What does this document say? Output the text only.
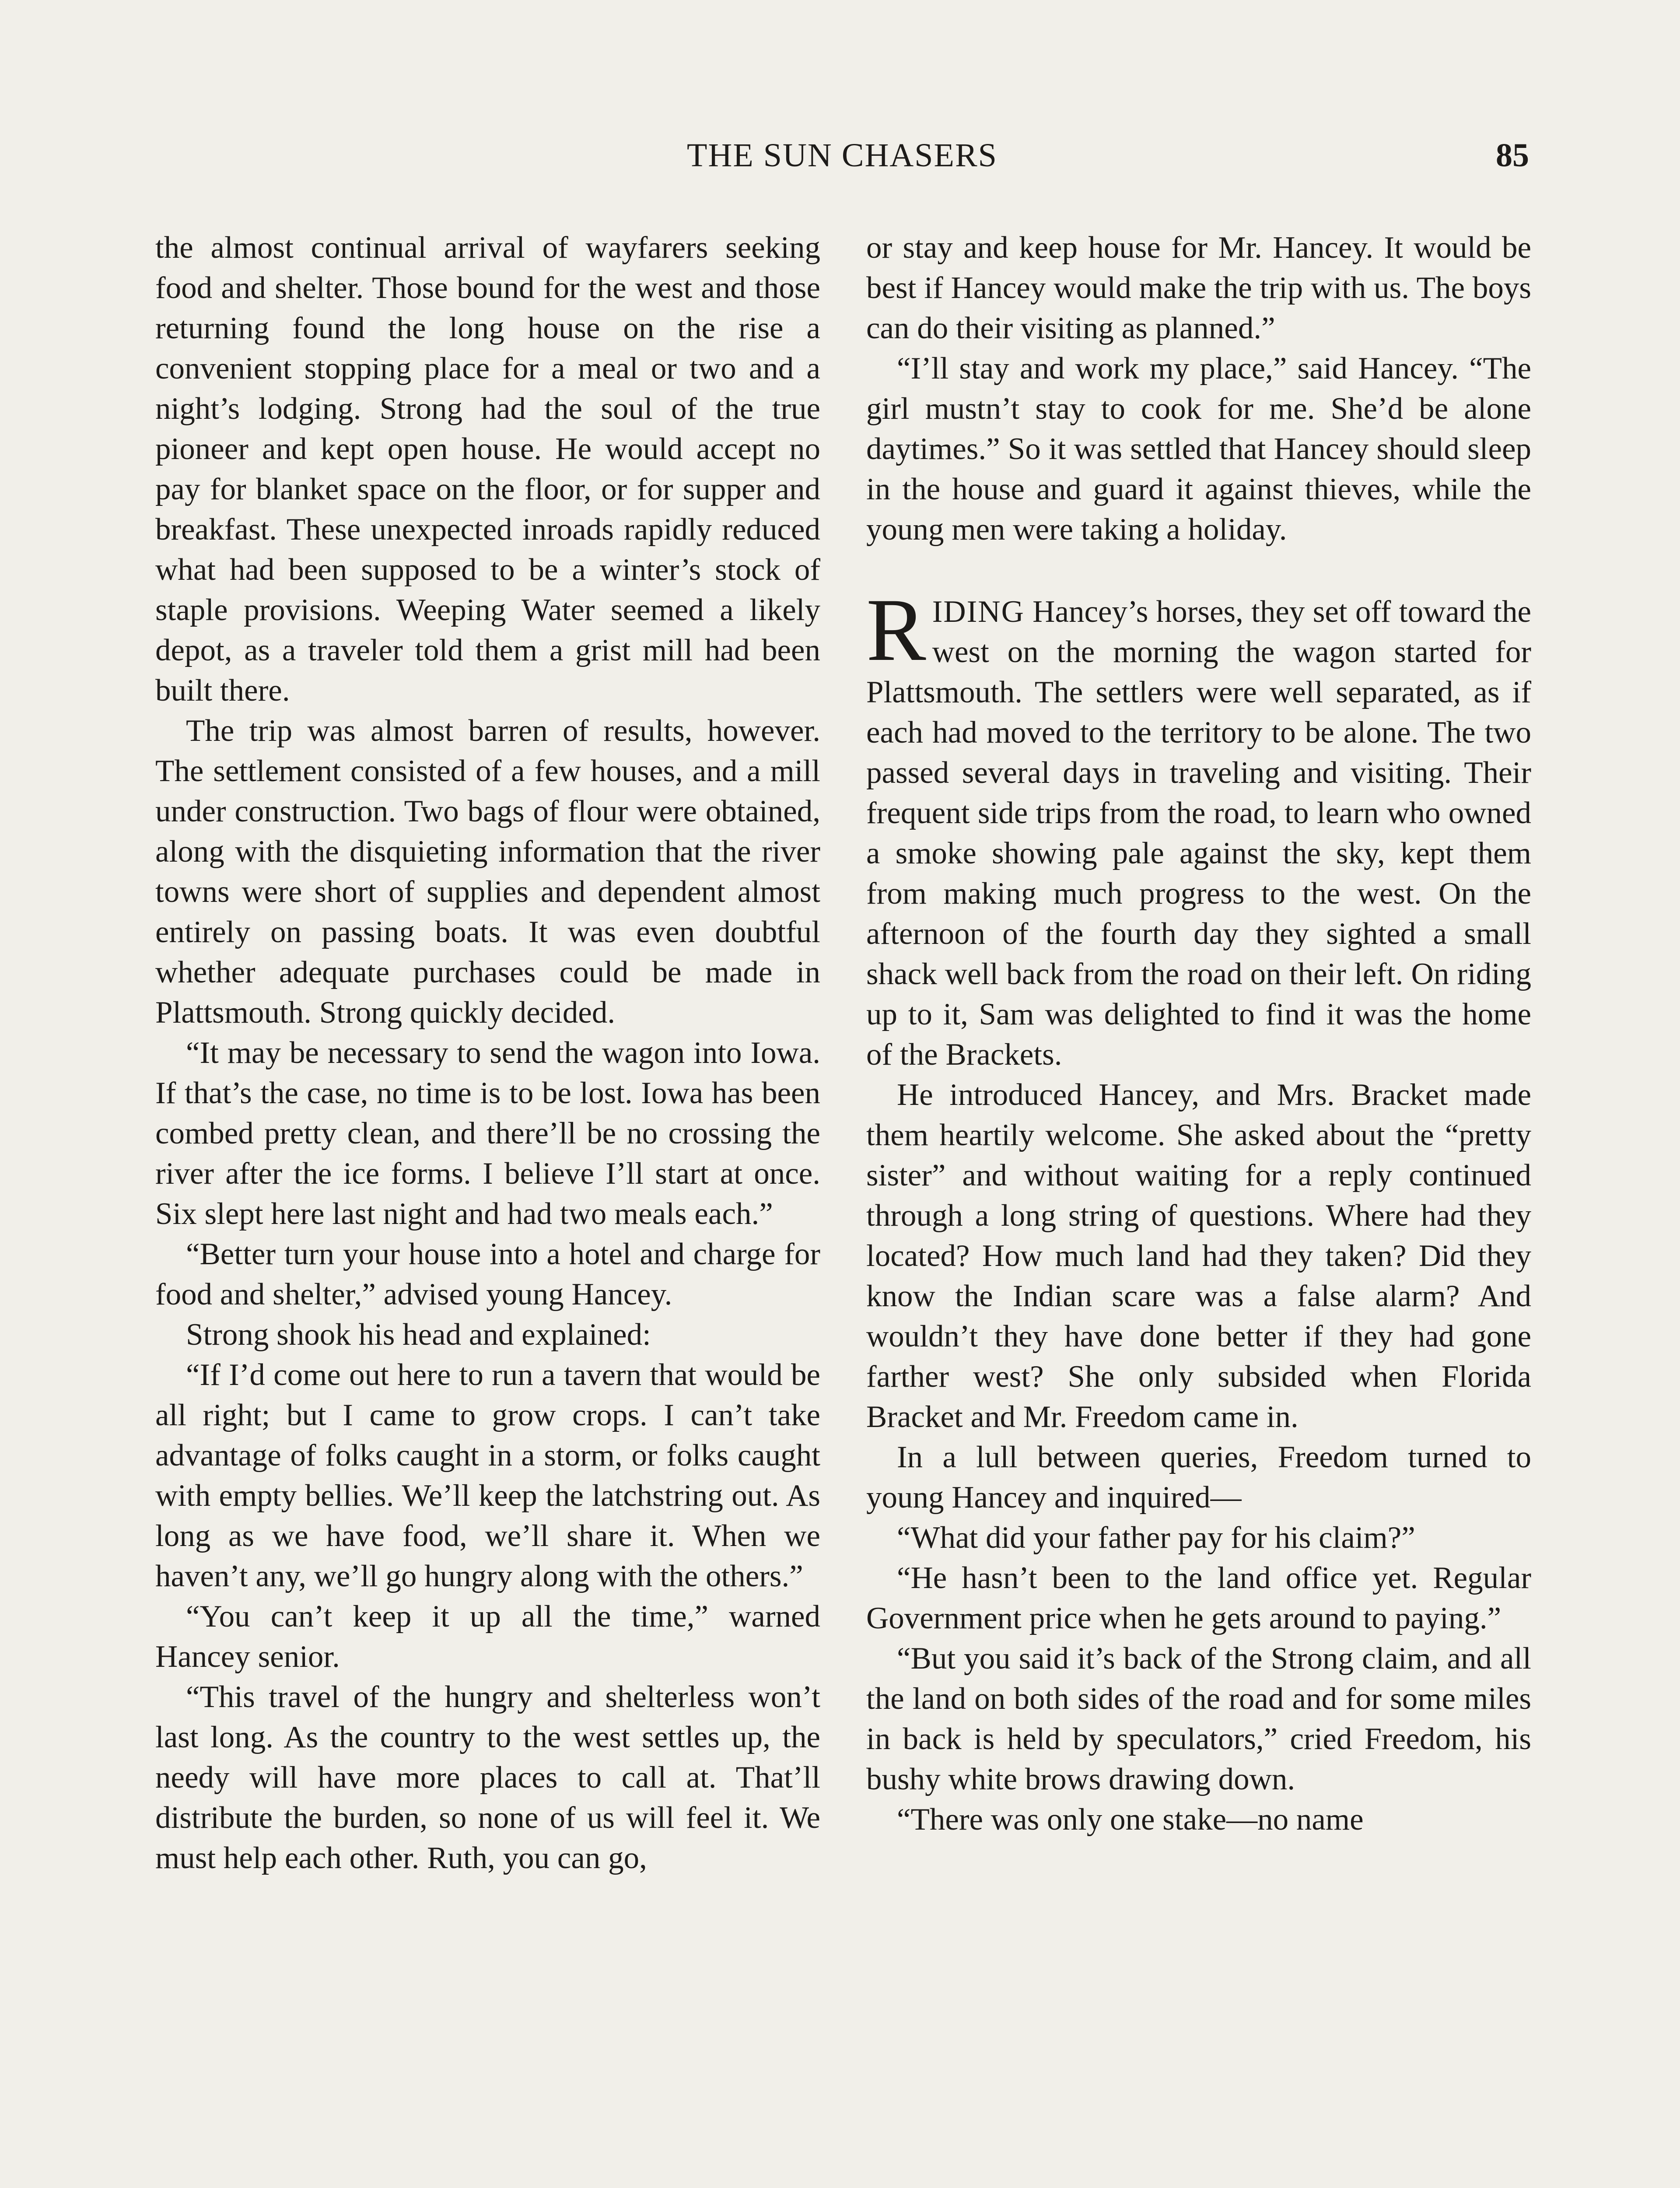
THE SUN CHASERS	85

the almost continual arrival of wayfarers seeking food and shelter. Those bound for the west and those returning found the long house on the rise a convenient stopping place for a meal or two and a night’s lodging. Strong had the soul of the true pioneer and kept open house. He would accept no pay for blanket space on the floor, or for supper and breakfast. These unexpected inroads rapidly reduced what had been supposed to be a winter’s stock of staple provisions. Weeping Water seemed a likely depot, as a traveler told them a grist mill had been built there.

The trip was almost barren of results, however. The settlement consisted of a few houses, and a mill under construction. Two bags of flour were obtained, along with the disquieting information that the river towns were short of supplies and dependent almost entirely on passing boats. It was even doubtful whether adequate purchases could be made in Plattsmouth. Strong quickly decided.

“It may be necessary to send the wagon into Iowa. If that’s the case, no time is to be lost. Iowa has been combed pretty clean, and there’ll be no crossing the river after the ice forms. I believe I’ll start at once. Six slept here last night and had two meals each.”

“Better turn your house into a hotel and charge for food and shelter,” advised young Hancey.

Strong shook his head and explained:

“If I’d come out here to run a tavern that would be all right; but I came to grow crops. I can’t take advantage of folks caught in a storm, or folks caught with empty bellies. We’ll keep the latchstring out. As long as we have food, we’ll share it. When we haven’t any, we’ll go hungry along with the others.”

“You can’t keep it up all the time,” warned Hancey senior.

“This travel of the hungry and shelterless won’t last long. As the country to the west settles up, the needy will have more places to call at. That’ll distribute the burden, so none of us will feel it. We must help each other. Ruth, you can go,

or stay and keep house for Mr. Hancey. It would be best if Hancey would make the trip with us. The boys can do their visiting as planned.”

“I’ll stay and work my place,” said Hancey. “The girl mustn’t stay to cook for me. She’d be alone daytimes.” So it was settled that Hancey should sleep in the house and guard it against thieves, while the young men were taking a holiday.

RIDING Hancey’s horses, they set off toward the west on the morning the wagon started for Plattsmouth. The settlers were well separated, as if each had moved to the territory to be alone. The two passed several days in traveling and visiting. Their frequent side trips from the road, to learn who owned a smoke showing pale against the sky, kept them from making much progress to the west. On the afternoon of the fourth day they sighted a small shack well back from the road on their left. On riding up to it, Sam was delighted to find it was the home of the Brackets.

He introduced Hancey, and Mrs. Bracket made them heartily welcome. She asked about the “pretty sister” and without waiting for a reply continued through a long string of questions. Where had they located? How much land had they taken? Did they know the Indian scare was a false alarm? And wouldn’t they have done better if they had gone farther west? She only subsided when Florida Bracket and Mr. Freedom came in.

In a lull between queries, Freedom turned to young Hancey and inquired—

“What did your father pay for his claim?”

“He hasn’t been to the land office yet. Regular Government price when he gets around to paying.”

“But you said it’s back of the Strong claim, and all the land on both sides of the road and for some miles in back is held by speculators,” cried Freedom, his bushy white brows drawing down.

“There was only one stake—no name
